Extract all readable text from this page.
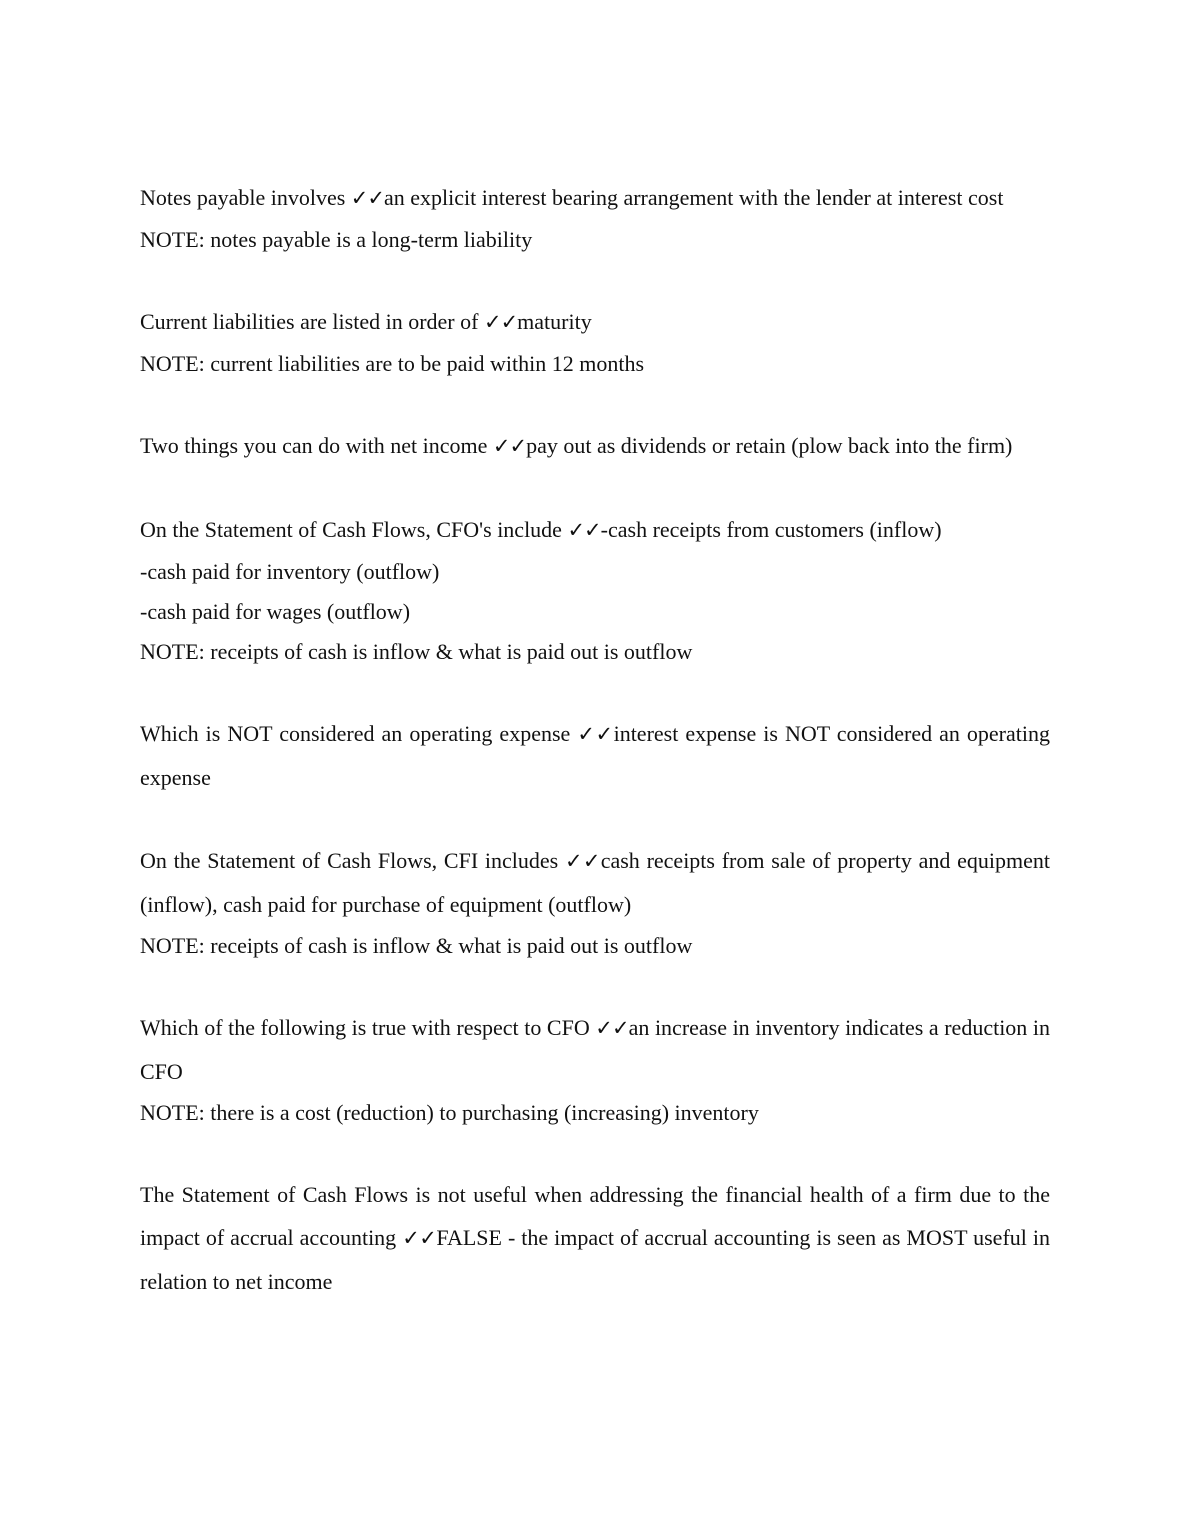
Notes payable involves ✓✓an explicit interest bearing arrangement with the lender at interest cost

NOTE: notes payable is a long-term liability

Current liabilities are listed in order of ✓✓maturity

NOTE: current liabilities are to be paid within 12 months

Two things you can do with net income ✓✓pay out as dividends or retain (plow back into the firm)

On the Statement of Cash Flows, CFO's include ✓✓-cash receipts from customers (inflow)

-cash paid for inventory (outflow)

-cash paid for wages (outflow)

NOTE: receipts of cash is inflow & what is paid out is outflow

Which is NOT considered an operating expense ✓✓interest expense is NOT considered an operating expense

On the Statement of Cash Flows, CFI includes ✓✓cash receipts from sale of property and equipment (inflow), cash paid for purchase of equipment (outflow)

NOTE: receipts of cash is inflow & what is paid out is outflow

Which of the following is true with respect to CFO ✓✓an increase in inventory indicates a reduction in CFO

NOTE: there is a cost (reduction) to purchasing (increasing) inventory

The Statement of Cash Flows is not useful when addressing the financial health of a firm due to the impact of accrual accounting ✓✓FALSE - the impact of accrual accounting is seen as MOST useful in relation to net income
